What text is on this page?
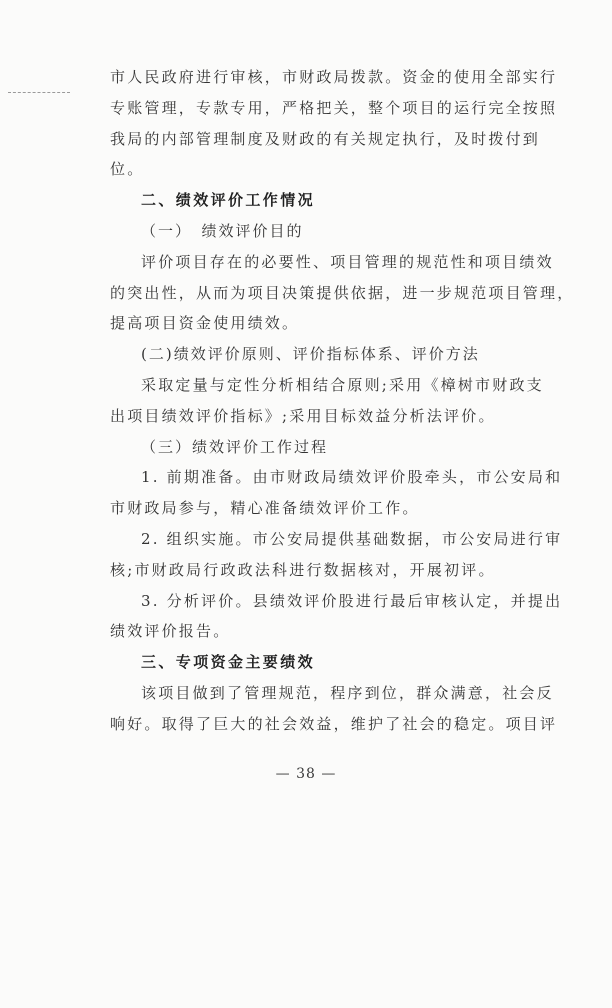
市人民政府进行审核，市财政局拨款。资金的使用全部实行
专账管理，专款专用，严格把关，整个项目的运行完全按照
我局的内部管理制度及财政的有关规定执行，及时拨付到
位。
二、绩效评价工作情况
（一）　绩效评价目的
评价项目存在的必要性、项目管理的规范性和项目绩效
的突出性，从而为项目决策提供依据，进一步规范项目管理，
提高项目资金使用绩效。
(二)绩效评价原则、评价指标体系、评价方法
采取定量与定性分析相结合原则;采用《樟树市财政支
出项目绩效评价指标》;采用目标效益分析法评价。
（三）绩效评价工作过程
1. 前期准备。由市财政局绩效评价股牵头，市公安局和
市财政局参与，精心准备绩效评价工作。
2. 组织实施。市公安局提供基础数据，市公安局进行审
核;市财政局行政政法科进行数据核对，开展初评。
3. 分析评价。县绩效评价股进行最后审核认定，并提出
绩效评价报告。
三、专项资金主要绩效
该项目做到了管理规范，程序到位，群众满意，社会反
响好。取得了巨大的社会效益，维护了社会的稳定。项目评
— 38 —
